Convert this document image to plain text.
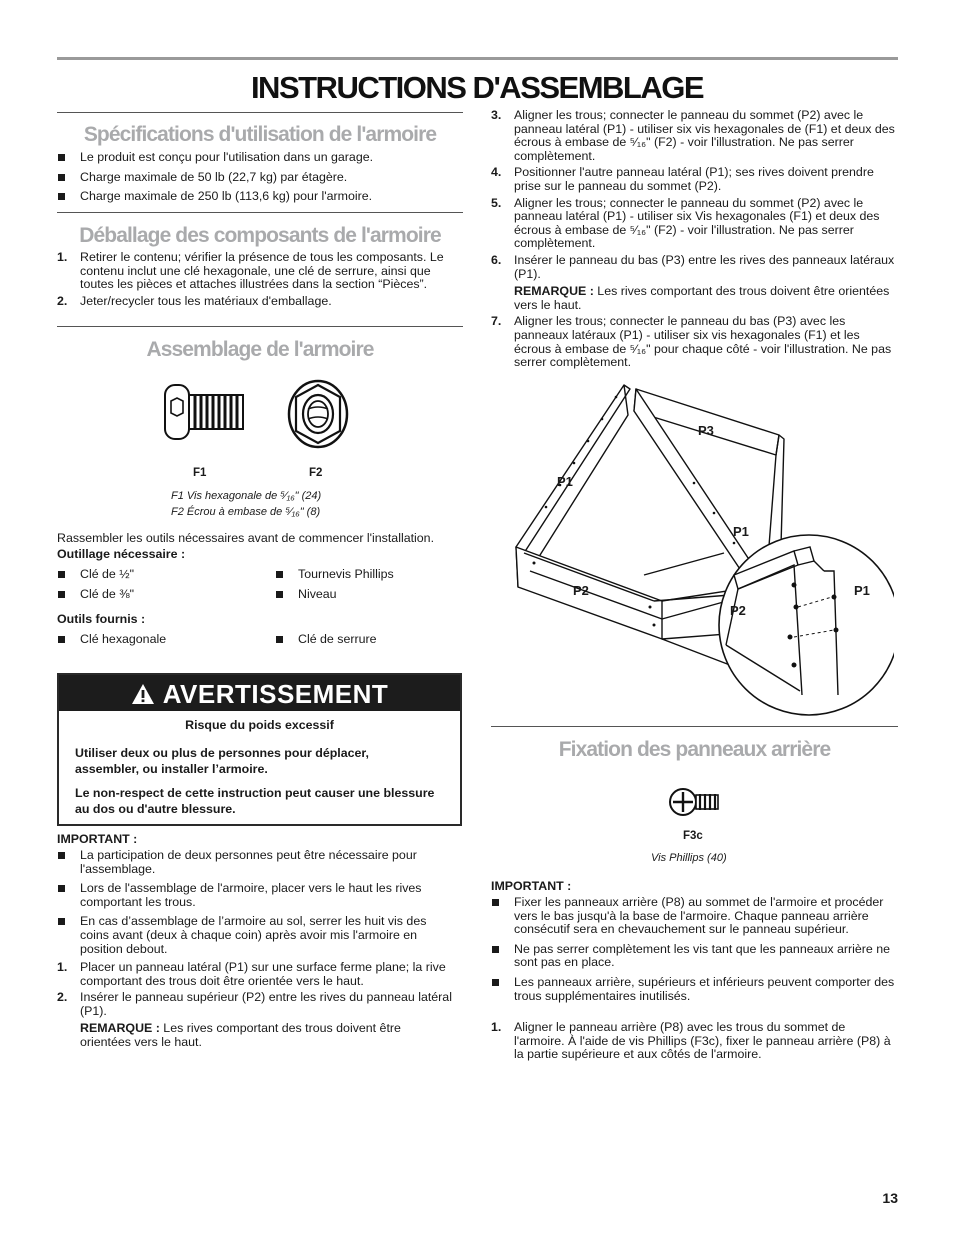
INSTRUCTIONS D'ASSEMBLAGE
Spécifications d'utilisation de l'armoire
Le produit est conçu pour l'utilisation dans un garage.
Charge maximale de 50 lb (22,7 kg) par étagère.
Charge maximale de 250 lb (113,6 kg) pour l'armoire.
Déballage des composants de l'armoire
1. Retirer le contenu; vérifier la présence de tous les composants. Le contenu inclut une clé hexagonale, une clé de serrure, ainsi que toutes les pièces et attaches illustrées dans la section “Pièces”.
2. Jeter/recycler tous les matériaux d'emballage.
Assemblage de l'armoire
F1	F2
F1 Vis hexagonale de ⁵⁄₁₆" (24)
F2 Écrou à embase de ⁵⁄₁₆" (8)
Rassembler les outils nécessaires avant de commencer l'installation.
Outillage nécessaire :
Clé de ½"
Clé de ⅜"
Tournevis Phillips
Niveau
Outils fournis :
Clé hexagonale	Clé de serrure
AVERTISSEMENT
Risque du poids excessif
Utiliser deux ou plus de personnes pour déplacer, assembler, ou installer l’armoire.
Le non-respect de cette instruction peut causer une blessure au dos ou d'autre blessure.
IMPORTANT :
La participation de deux personnes peut être nécessaire pour l'assemblage.
Lors de l'assemblage de l'armoire, placer vers le haut les rives comportant les trous.
En cas d’assemblage de l’armoire au sol, serrer les huit vis des coins avant (deux à chaque coin) après avoir mis l'armoire en position debout.
1. Placer un panneau latéral (P1) sur une surface ferme plane; la rive comportant des trous doit être orientée vers le haut.
2. Insérer le panneau supérieur (P2) entre les rives du panneau latéral (P1).
REMARQUE : Les rives comportant des trous doivent être orientées vers le haut.
3. Aligner les trous; connecter le panneau du sommet (P2) avec le panneau latéral (P1) - utiliser six vis hexagonales de (F1) et deux des écrous à embase de ⁵⁄₁₆" (F2) - voir l'illustration. Ne pas serrer complètement.
4. Positionner l'autre panneau latéral (P1); ses rives doivent prendre prise sur le panneau du sommet (P2).
5. Aligner les trous; connecter le panneau du sommet (P2) avec le panneau latéral (P1) - utiliser six Vis hexagonales (F1) et deux des écrous à embase de ⁵⁄₁₆" (F2) - voir l'illustration. Ne pas serrer complètement.
6. Insérer le panneau du bas (P3) entre les rives des panneaux latéraux (P1).
REMARQUE : Les rives comportant des trous doivent être orientées vers le haut.
7. Aligner les trous; connecter le panneau du bas (P3) avec les panneaux latéraux (P1) - utiliser six vis hexagonales (F1) et les écrous à embase de ⁵⁄₁₆" pour chaque côté - voir l'illustration. Ne pas serrer complètement.
P3
P1
P1
P2	P1
P2
Fixation des panneaux arrière
F3c
Vis Phillips (40)
IMPORTANT :
Fixer les panneaux arrière (P8) au sommet de l'armoire et procéder vers le bas jusqu'à la base de l'armoire. Chaque panneau arrière consécutif sera en chevauchement sur le panneau supérieur.
Ne pas serrer complètement les vis tant que les panneaux arrière ne sont pas en place.
Les panneaux arrière, supérieurs et inférieurs peuvent comporter des trous supplémentaires inutilisés.
1. Aligner le panneau arrière (P8) avec les trous du sommet de l'armoire. À l'aide de vis Phillips (F3c), fixer le panneau arrière (P8) à la partie supérieure et aux côtés de l'armoire.
13
